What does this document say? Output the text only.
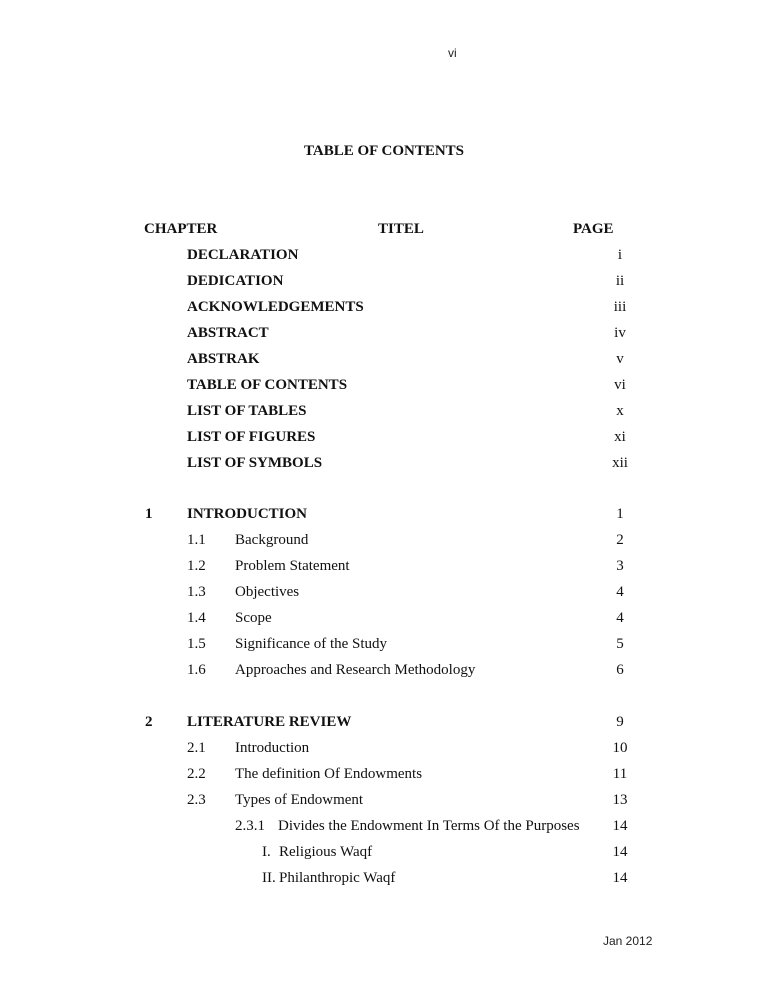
vi
TABLE OF CONTENTS
CHAPTER	TITEL	PAGE
DECLARATION	i
DEDICATION	ii
ACKNOWLEDGEMENTS	iii
ABSTRACT	iv
ABSTRAK	v
TABLE OF CONTENTS	vi
LIST OF TABLES	x
LIST OF FIGURES	xi
LIST OF SYMBOLS	xii
1 INTRODUCTION	1
1.1 Background	2
1.2 Problem Statement	3
1.3 Objectives	4
1.4 Scope	4
1.5 Significance of the Study	5
1.6 Approaches and Research Methodology	6
2 LITERATURE REVIEW	9
2.1 Introduction	10
2.2 The definition Of Endowments	11
2.3 Types of Endowment	13
2.3.1 Divides the Endowment In Terms Of the Purposes	14
I. Religious Waqf	14
II. Philanthropic Waqf	14
Jan 2012
